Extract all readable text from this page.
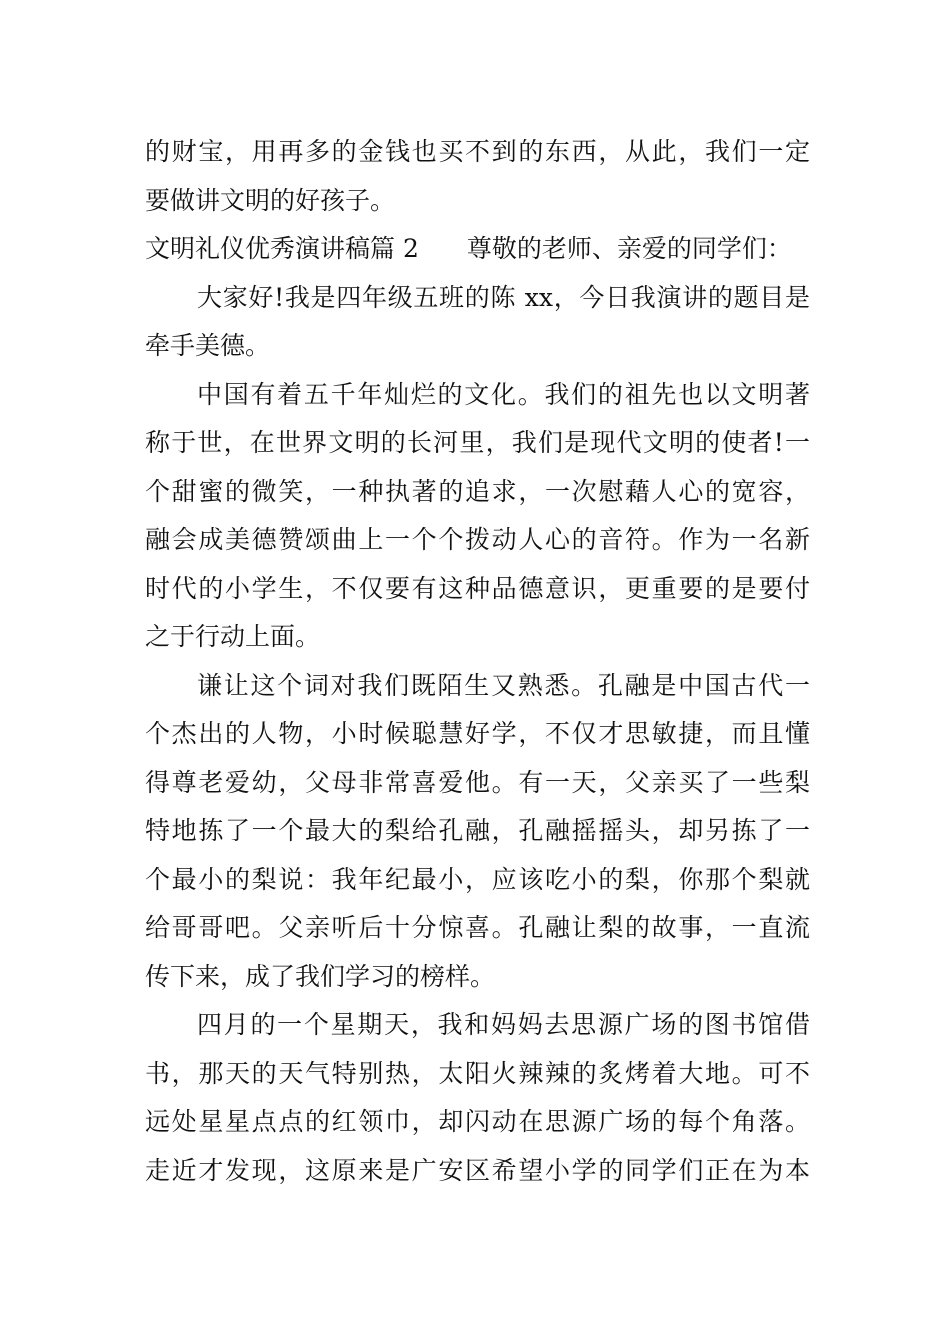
的财宝，用再多的金钱也买不到的东西，从此，我们一定
要做讲文明的好孩子。
文明礼仪优秀演讲稿篇 2 尊敬的老师、亲爱的同学们：
大家好!我是四年级五班的陈 xx，今日我演讲的题目是
牵手美德。
中国有着五千年灿烂的文化。我们的祖先也以文明著
称于世，在世界文明的长河里，我们是现代文明的使者!一
个甜蜜的微笑，一种执著的追求，一次慰藉人心的宽容，
融会成美德赞颂曲上一个个拨动人心的音符。作为一名新
时代的小学生，不仅要有这种品德意识，更重要的是要付
之于行动上面。
谦让这个词对我们既陌生又熟悉。孔融是中国古代一
个杰出的人物，小时候聪慧好学，不仅才思敏捷，而且懂
得尊老爱幼，父母非常喜爱他。有一天，父亲买了一些梨
特地拣了一个最大的梨给孔融，孔融摇摇头，却另拣了一
个最小的梨说：我年纪最小，应该吃小的梨，你那个梨就
给哥哥吧。父亲听后十分惊喜。孔融让梨的故事，一直流
传下来，成了我们学习的榜样。
四月的一个星期天，我和妈妈去思源广场的图书馆借
书，那天的天气特别热，太阳火辣辣的炙烤着大地。可不
远处星星点点的红领巾，却闪动在思源广场的每个角落。
走近才发现，这原来是广安区希望小学的同学们正在为本
